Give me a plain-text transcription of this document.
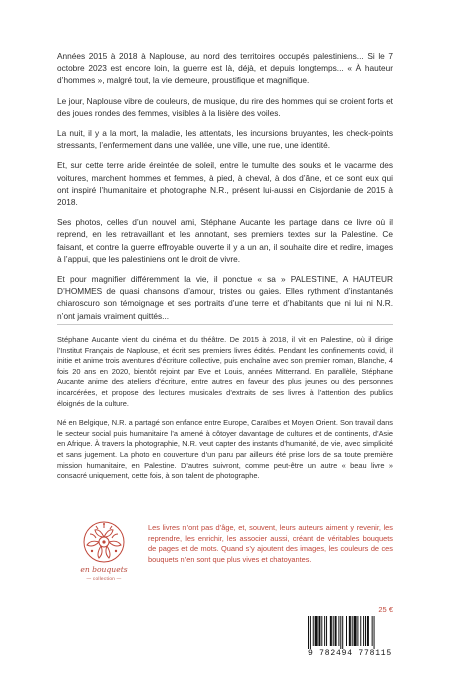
Années 2015 à 2018 à Naplouse, au nord des territoires occupés palestiniens... Si le 7 octobre 2023 est encore loin, la guerre est là, déjà, et depuis longtemps... « À hauteur d’hommes », malgré tout, la vie demeure, proustifique et magnifique.

Le jour, Naplouse vibre de couleurs, de musique, du rire des hommes qui se croient forts et des joues rondes des femmes, visibles à la lisière des voiles.

La nuit, il y a la mort, la maladie, les attentats, les incursions bruyantes, les check-points stressants, l’enfermement dans une vallée, une ville, une rue, une identité.

Et, sur cette terre aride éreintée de soleil, entre le tumulte des souks et le vacarme des voitures, marchent hommes et femmes, à pied, à cheval, à dos d’âne, et ce sont eux qui ont inspiré l’humanitaire et photographe N.R., présent lui-aussi en Cisjordanie de 2015 à 2018.

Ses photos, celles d’un nouvel ami, Stéphane Aucante les partage dans ce livre où il reprend, en les retravaillant et les annotant, ses premiers textes sur la Palestine. Ce faisant, et contre la guerre effroyable ouverte il y a un an, il souhaite dire et redire, images à l’appui, que les palestiniens ont le droit de vivre.

Et pour magnifier différemment la vie, il ponctue « sa » PALESTINE, A HAUTEUR D’HOMMES de quasi chansons d’amour, tristes ou gaies. Elles rythment d’instantanés chiaroscuro son témoignage et ses portraits d’une terre et d’habitants que ni lui ni N.R. n’ont jamais vraiment quittés...

Stéphane Aucante vient du cinéma et du théâtre. De 2015 à 2018, il vit en Palestine, où il dirige l’Institut Français de Naplouse, et écrit ses premiers livres édités. Pendant les confinements covid, il initie et anime trois aventures d’écriture collective, puis enchaîne avec son premier roman, Blanche, 4 fois 20 ans en 2020, bientôt rejoint par Eve et Louis, années Mitterrand. En parallèle, Stéphane Aucante anime des ateliers d’écriture, entre autres en faveur des plus jeunes ou des personnes incarcérées, et propose des lectures musicales d’extraits de ses livres à l’attention des publics éloignés de la culture.

Né en Belgique, N.R. a partagé son enfance entre Europe, Caraïbes et Moyen Orient. Son travail dans le secteur social puis humanitaire l’a amené à côtoyer davantage de cultures et de continents, d’Asie en Afrique. À travers la photographie, N.R. veut capter des instants d’humanité, de vie, avec simplicité et sans jugement. La photo en couverture d’un paru par ailleurs été prise lors de sa toute première mission humanitaire, en Palestine. D’autres suivront, comme peut-être un autre « beau livre » consacré uniquement, cette fois, à son talent de photographe.

en bouquets
— collection —
Les livres n’ont pas d’âge, et, souvent, leurs auteurs aiment y revenir, les reprendre, les enrichir, les associer aussi, créant de véritables bouquets de pages et de mots. Quand s’y ajoutent des images, les couleurs de ces bouquets n’en sont que plus vives et chatoyantes.
25 €
9 782494 778115
